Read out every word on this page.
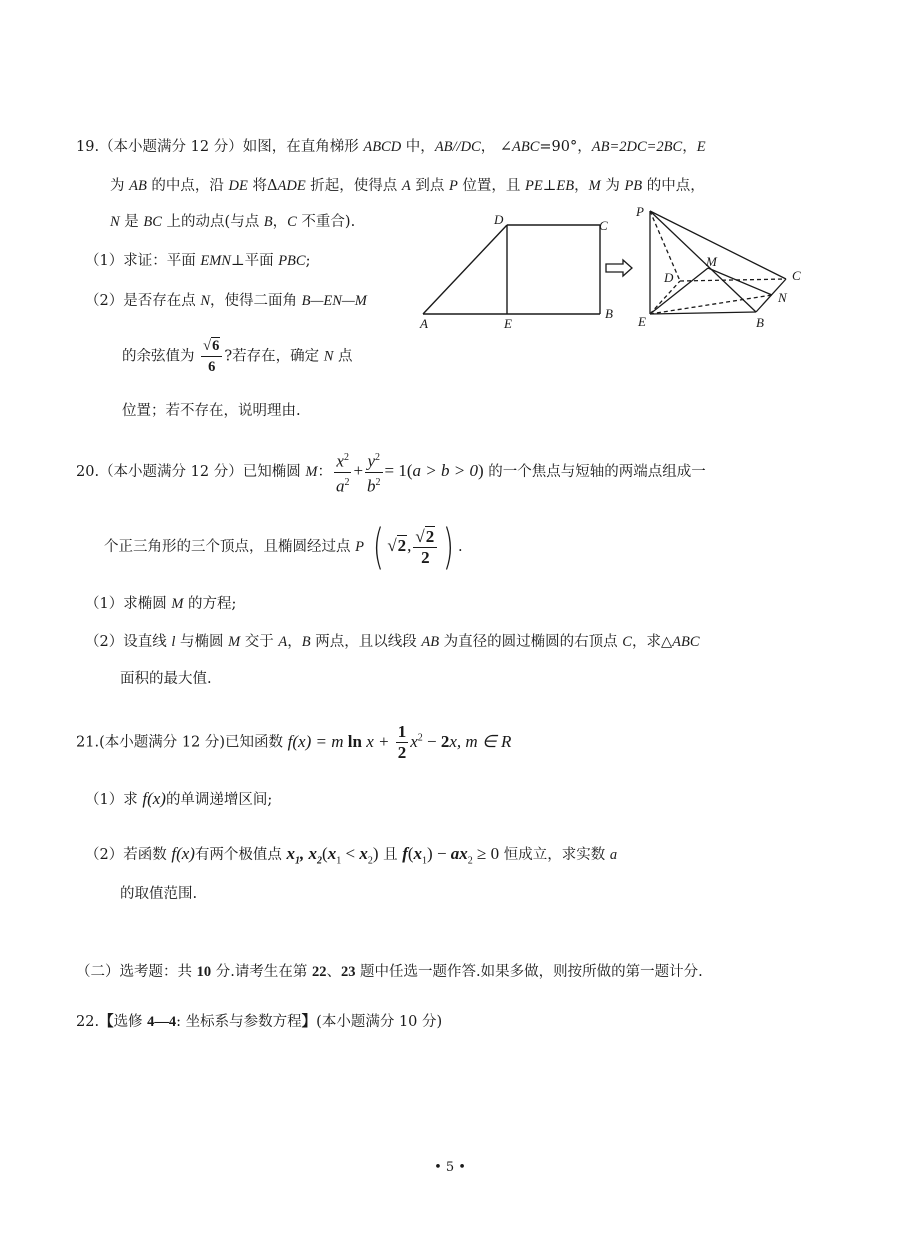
19.（本小题满分 12 分）如图，在直角梯形 ABCD 中，AB//DC， ∠ABC=90°，AB=2DC=2BC，E
为 AB 的中点，沿 DE 将ΔADE 折起，使得点 A 到点 P 位置，且 PE⊥EB，M 为 PB 的中点，
N 是 BC 上的动点(与点 B，C 不重合).
（1）求证：平面 EMN⊥平面 PBC;
（2）是否存在点 N，使得二面角 B—EN—M
的余弦值为 $\frac{√6}{6}$ ?若存在，确定 N 点
位置；若不存在，说明理由.
A	E
B
C
D
P
M
D	C
N
E	B
20.（本小题满分 12 分）已知椭圆 M： $\frac{x^2}{a^2} + \frac{y^2}{b^2} = 1(a > b > 0)$ 的一个焦点与短轴的两端点组成一
个正三角形的三个顶点，且椭圆经过点 P ( √2, $\frac{√2}{2}$ ) .
（1）求椭圆 M 的方程;
（2）设直线 l 与椭圆 M 交于 A，B 两点，且以线段 AB 为直径的圆过椭圆的右顶点 C，求△ABC
面积的最大值.
21.(本小题满分 12 分)已知函数 f(x) = m $\ln x + \frac{1}{2} x^2 - 2x$, m ∈ R
（1）求 f(x)的单调递增区间;
（2）若函数 f(x)有两个极值点 $x_1$, $x_2(x_1 < x_2)$ 且 $f(x_1) - ax_2 \ge 0$ 恒成立，求实数 a
的取值范围.
（二）选考题：共 10 分.请考生在第 22、23 题中任选一题作答.如果多做，则按所做的第一题计分.
22.【选修 4—4: 坐标系与参数方程】(本小题满分 10 分)
• 5 •
